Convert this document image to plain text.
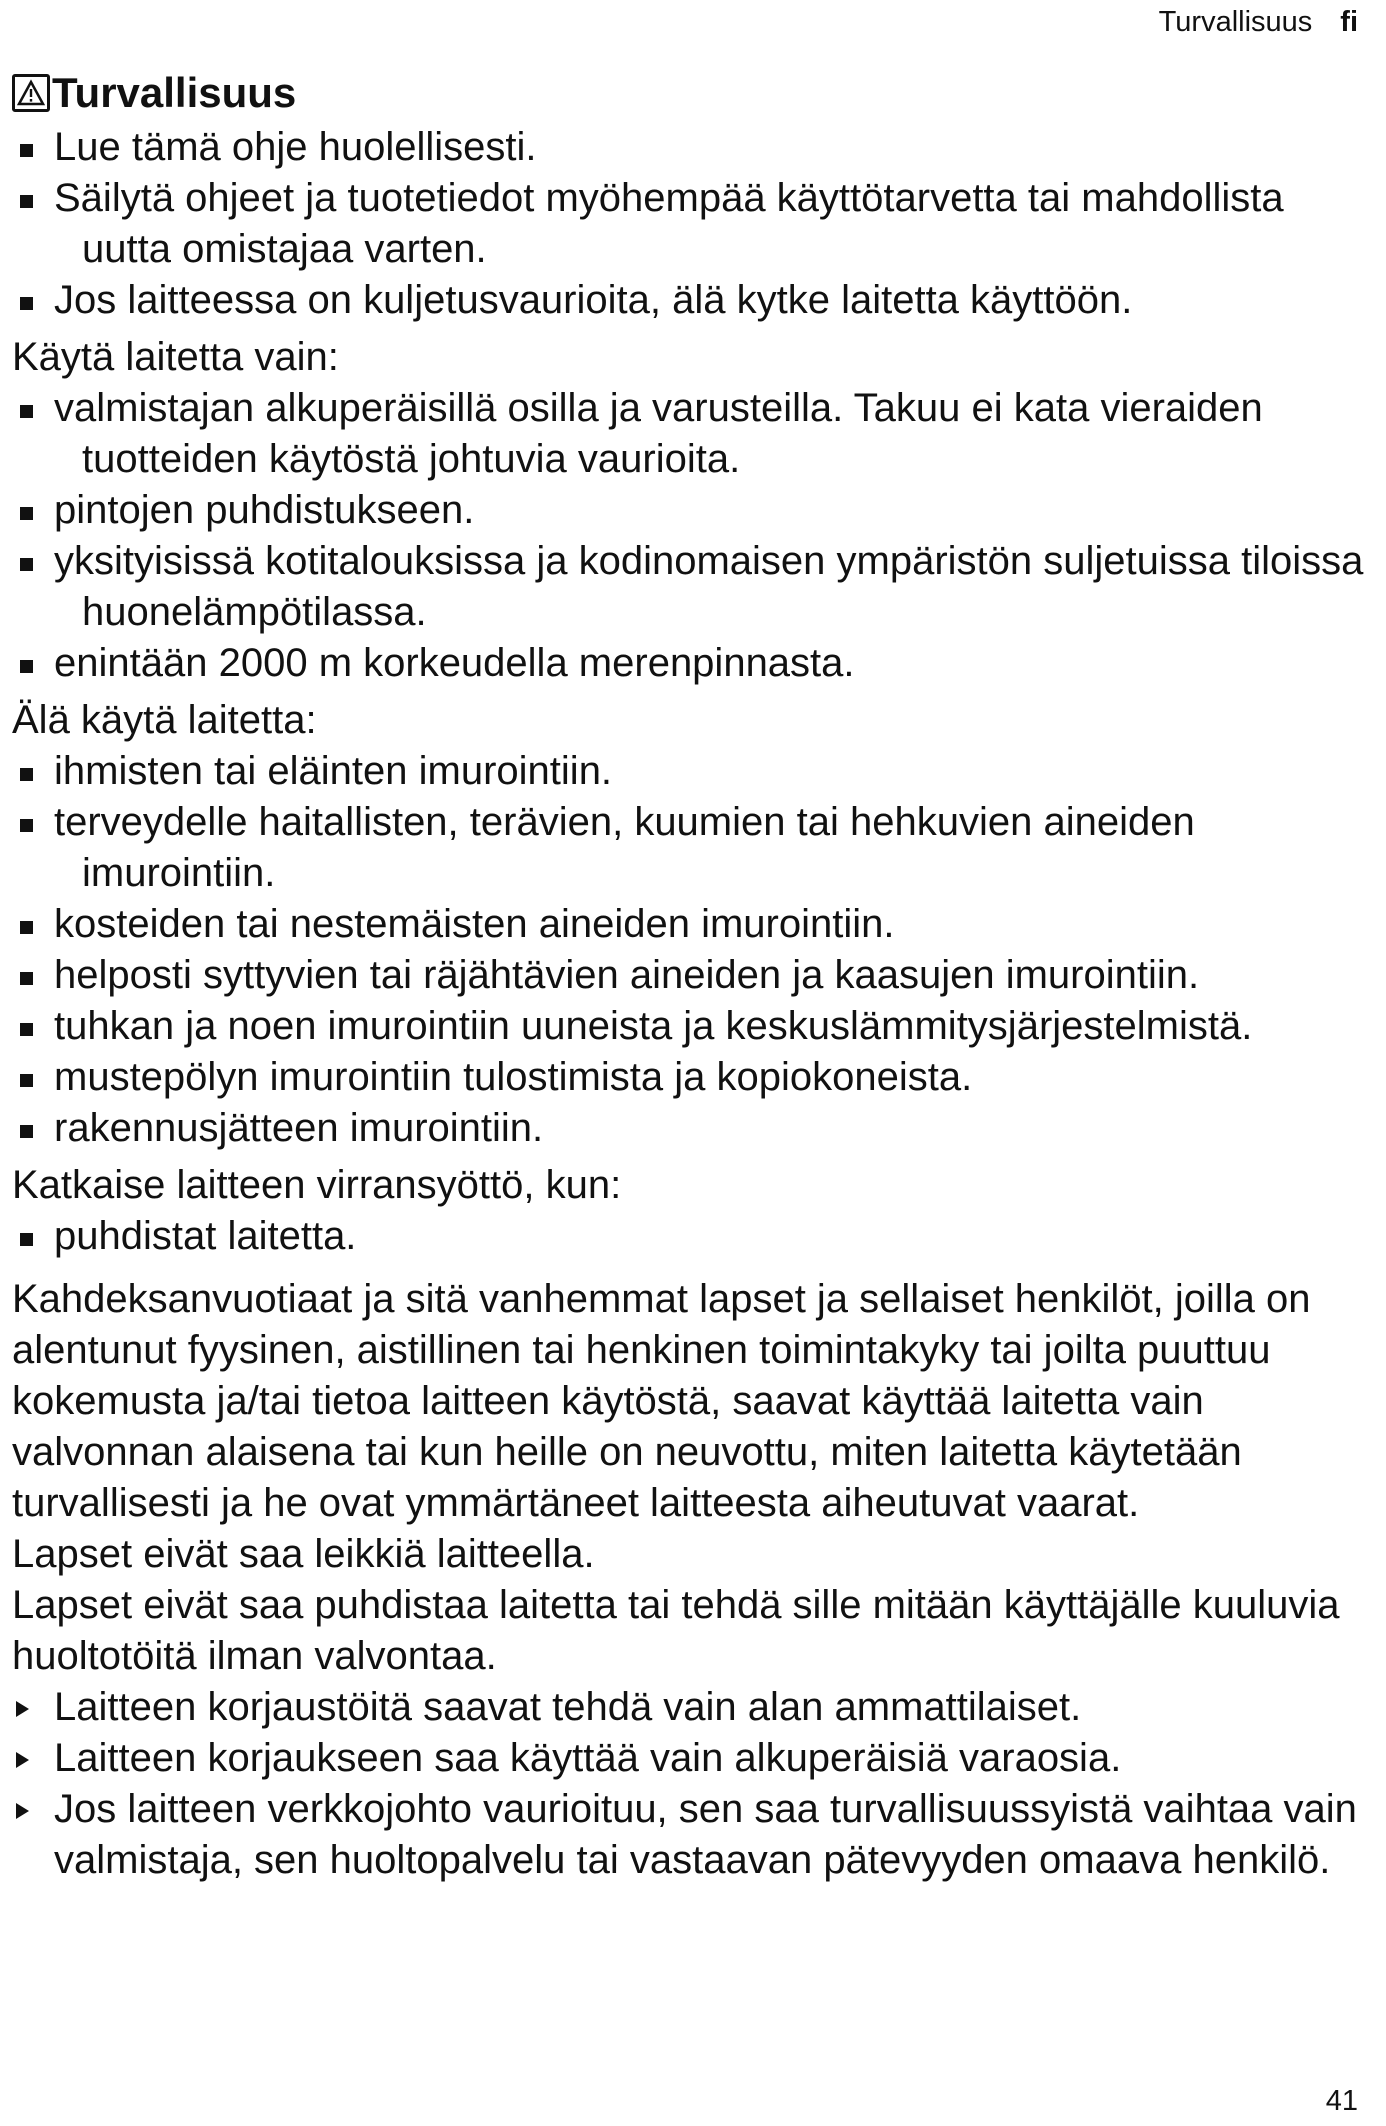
Turvallisuus fi
Turvallisuus
Lue tämä ohje huolellisesti.
Säilytä ohjeet ja tuotetiedot myöhempää käyttötarvetta tai mahdollista uutta omistajaa varten.
Jos laitteessa on kuljetusvaurioita, älä kytke laitetta käyttöön.
Käytä laitetta vain:
valmistajan alkuperäisillä osilla ja varusteilla. Takuu ei kata vieraiden tuotteiden käytöstä johtuvia vaurioita.
pintojen puhdistukseen.
yksityisissä kotitalouksissa ja kodinomaisen ympäristön suljetuissa tiloissa huonelämpötilassa.
enintään 2000 m korkeudella merenpinnasta.
Älä käytä laitetta:
ihmisten tai eläinten imurointiin.
terveydelle haitallisten, terävien, kuumien tai hehkuvien aineiden imurointiin.
kosteiden tai nestemäisten aineiden imurointiin.
helposti syttyvien tai räjähtävien aineiden ja kaasujen imurointiin.
tuhkan ja noen imurointiin uuneista ja keskuslämmitysjärjestelmistä.
mustepölyn imurointiin tulostimista ja kopiokoneista.
rakennusjätteen imurointiin.
Katkaise laitteen virransyöttö, kun:
puhdistat laitetta.

Kahdeksanvuotiaat ja sitä vanhemmat lapset ja sellaiset henkilöt, joilla on alentunut fyysinen, aistillinen tai henkinen toimintakyky tai joilta puuttuu kokemusta ja/tai tietoa laitteen käytöstä, saavat käyttää laitetta vain valvonnan alaisena tai kun heille on neuvottu, miten laitetta käytetään turvallisesti ja he ovat ymmärtäneet laitteesta aiheutuvat vaarat.

Lapset eivät saa leikkiä laitteella.

Lapset eivät saa puhdistaa laitetta tai tehdä sille mitään käyttäjälle kuuluvia huoltotöitä ilman valvontaa.

Laitteen korjaustöitä saavat tehdä vain alan ammattilaiset.
Laitteen korjaukseen saa käyttää vain alkuperäisiä varaosia.
Jos laitteen verkkojohto vaurioituu, sen saa turvallisuussyistä vaihtaa vain valmistaja, sen huoltopalvelu tai vastaavan pätevyyden omaava henkilö.
41
